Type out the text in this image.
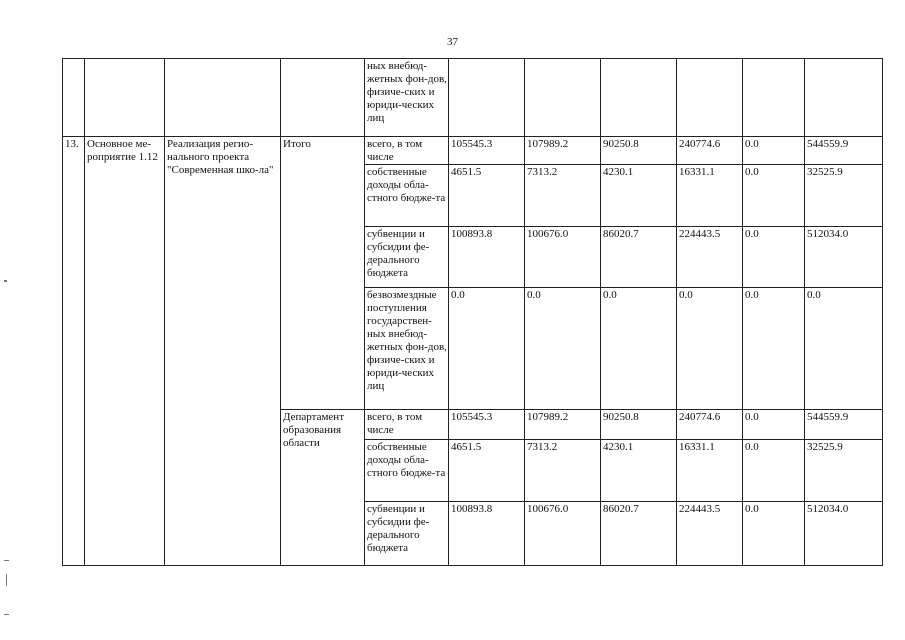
37
				ных внебюд-жетных фон-дов, физиче-ских и юриди-ческих лиц						
13.	Основное ме-роприятие 1.12	Реализация регио-нального проекта "Современная шко-ла"	Итого	всего, в том числе	105545.3	107989.2	90250.8	240774.6	0.0	544559.9
				собственные доходы обла-стного бюдже-та	4651.5	7313.2	4230.1	16331.1	0.0	32525.9
				субвенции и субсидии фе-дерального бюджета	100893.8	100676.0	86020.7	224443.5	0.0	512034.0
				безвозмездные поступления государствен-ных внебюд-жетных фон-дов, физиче-ских и юриди-ческих лиц	0.0	0.0	0.0	0.0	0.0	0.0
			Департамент образования области	всего, в том числе	105545.3	107989.2	90250.8	240774.6	0.0	544559.9
				собственные доходы обла-стного бюдже-та	4651.5	7313.2	4230.1	16331.1	0.0	32525.9
				субвенции и субсидии фе-дерального бюджета	100893.8	100676.0	86020.7	224443.5	0.0	512034.0
